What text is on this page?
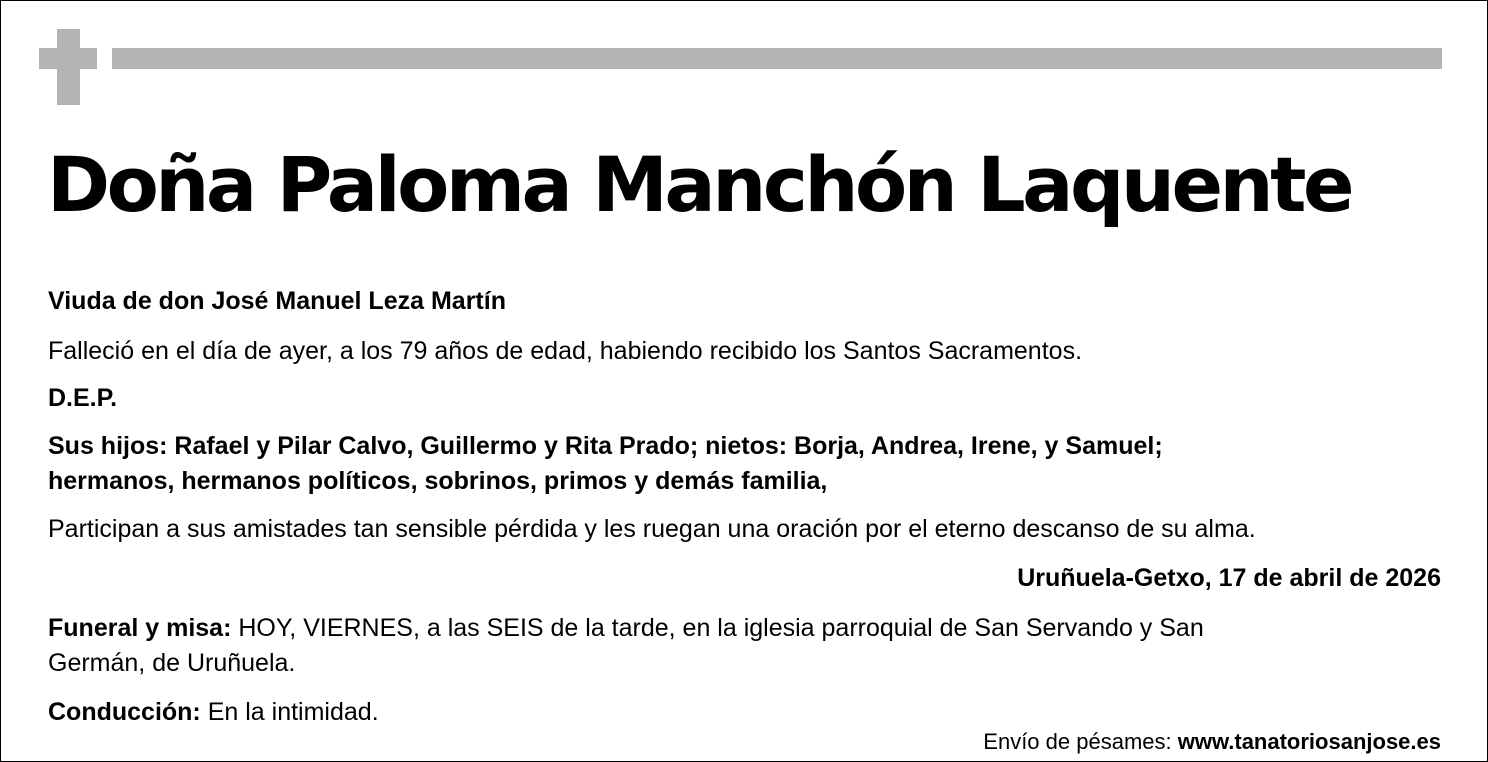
Doña Paloma Manchón Laquente

Viuda de don José Manuel Leza Martín

Falleció en el día de ayer, a los 79 años de edad, habiendo recibido los Santos Sacramentos.

D.E.P.

Sus hijos: Rafael y Pilar Calvo, Guillermo y Rita Prado; nietos: Borja, Andrea, Irene, y Samuel;

hermanos, hermanos políticos, sobrinos, primos y demás familia,

Participan a sus amistades tan sensible pérdida y les ruegan una oración por el eterno descanso de su alma.

Uruñuela-Getxo, 17 de abril de 2026

Funeral y misa: HOY, VIERNES, a las SEIS de la tarde, en la iglesia parroquial de San Servando y San

Germán, de Uruñuela.

Conducción: En la intimidad.

Envío de pésames: www.tanatoriosanjose.es
